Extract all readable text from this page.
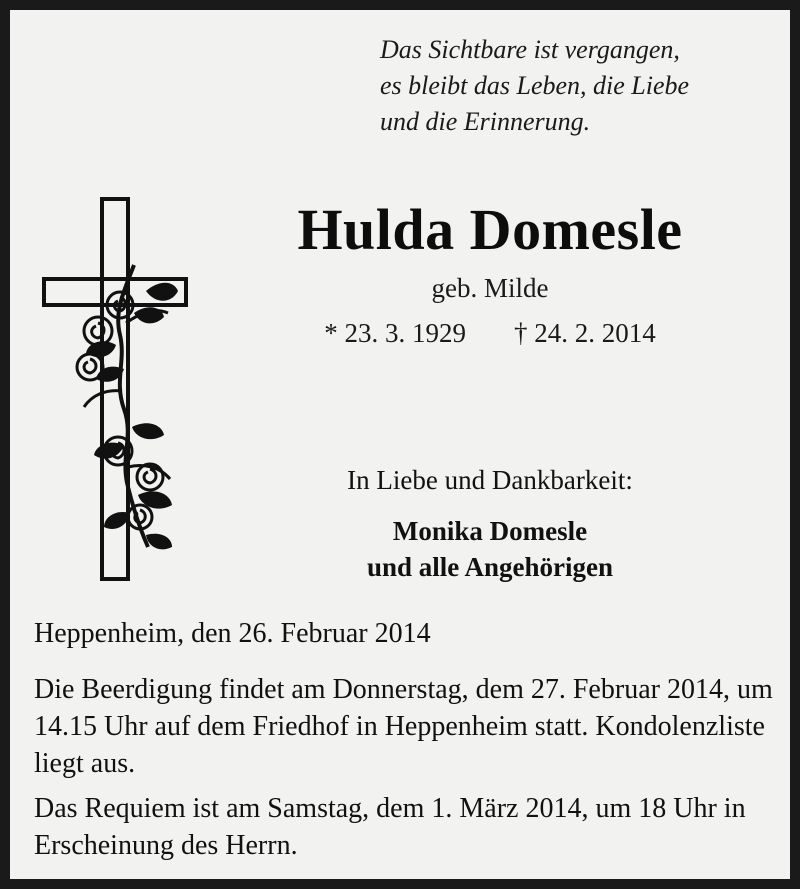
Das Sichtbare ist vergangen,
es bleibt das Leben, die Liebe
und die Erinnerung.
Hulda Domesle
geb. Milde
* 23. 3. 1929 † 24. 2. 2014
In Liebe und Dankbarkeit:
Monika Domesle
und alle Angehörigen
Heppenheim, den 26. Februar 2014

Die Beerdigung findet am Donnerstag, dem 27. Februar 2014, um 14.15 Uhr auf dem Friedhof in Heppenheim statt. Kondolenzliste liegt aus.

Das Requiem ist am Samstag, dem 1. März 2014, um 18 Uhr in Erscheinung des Herrn.
